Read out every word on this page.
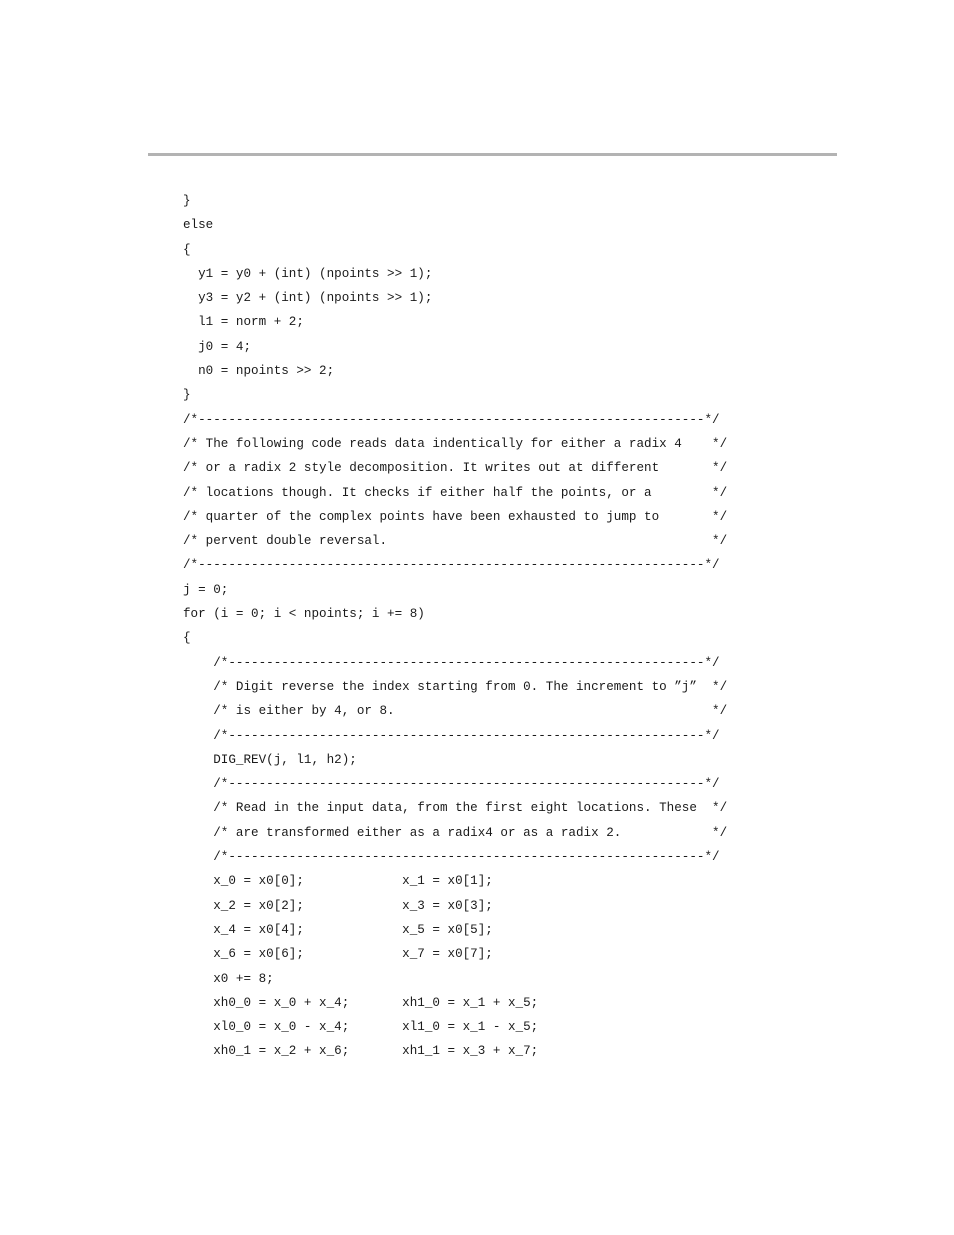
}
else
{
y1 = y0 + (int) (npoints >> 1);
y3 = y2 + (int) (npoints >> 1);
l1 = norm + 2;
j0 = 4;
n0 = npoints >> 2;
}
/*-------------------------------------------------------------------*/
/* The following code reads data indentically for either a radix 4    */
/* or a radix 2 style decomposition. It writes out at different       */
/* locations though. It checks if either half the points, or a        */
/* quarter of the complex points have been exhausted to jump to       */
/* pervent double reversal.                                           */
/*-------------------------------------------------------------------*/
j = 0;
for (i = 0; i < npoints; i += 8)
{
/*---------------------------------------------------------------*/
/* Digit reverse the index starting from 0. The increment to ”j”  */
/* is either by 4, or 8.                                          */
/*---------------------------------------------------------------*/
DIG_REV(j, l1, h2);
/*---------------------------------------------------------------*/
/* Read in the input data, from the first eight locations. These  */
/* are transformed either as a radix4 or as a radix 2.            */
/*---------------------------------------------------------------*/
x_0 = x0[0];             x_1 = x0[1];
x_2 = x0[2];             x_3 = x0[3];
x_4 = x0[4];             x_5 = x0[5];
x_6 = x0[6];             x_7 = x0[7];
x0 += 8;
xh0_0 = x_0 + x_4;       xh1_0 = x_1 + x_5;
xl0_0 = x_0 - x_4;       xl1_0 = x_1 - x_5;
xh0_1 = x_2 + x_6;       xh1_1 = x_3 + x_7;
